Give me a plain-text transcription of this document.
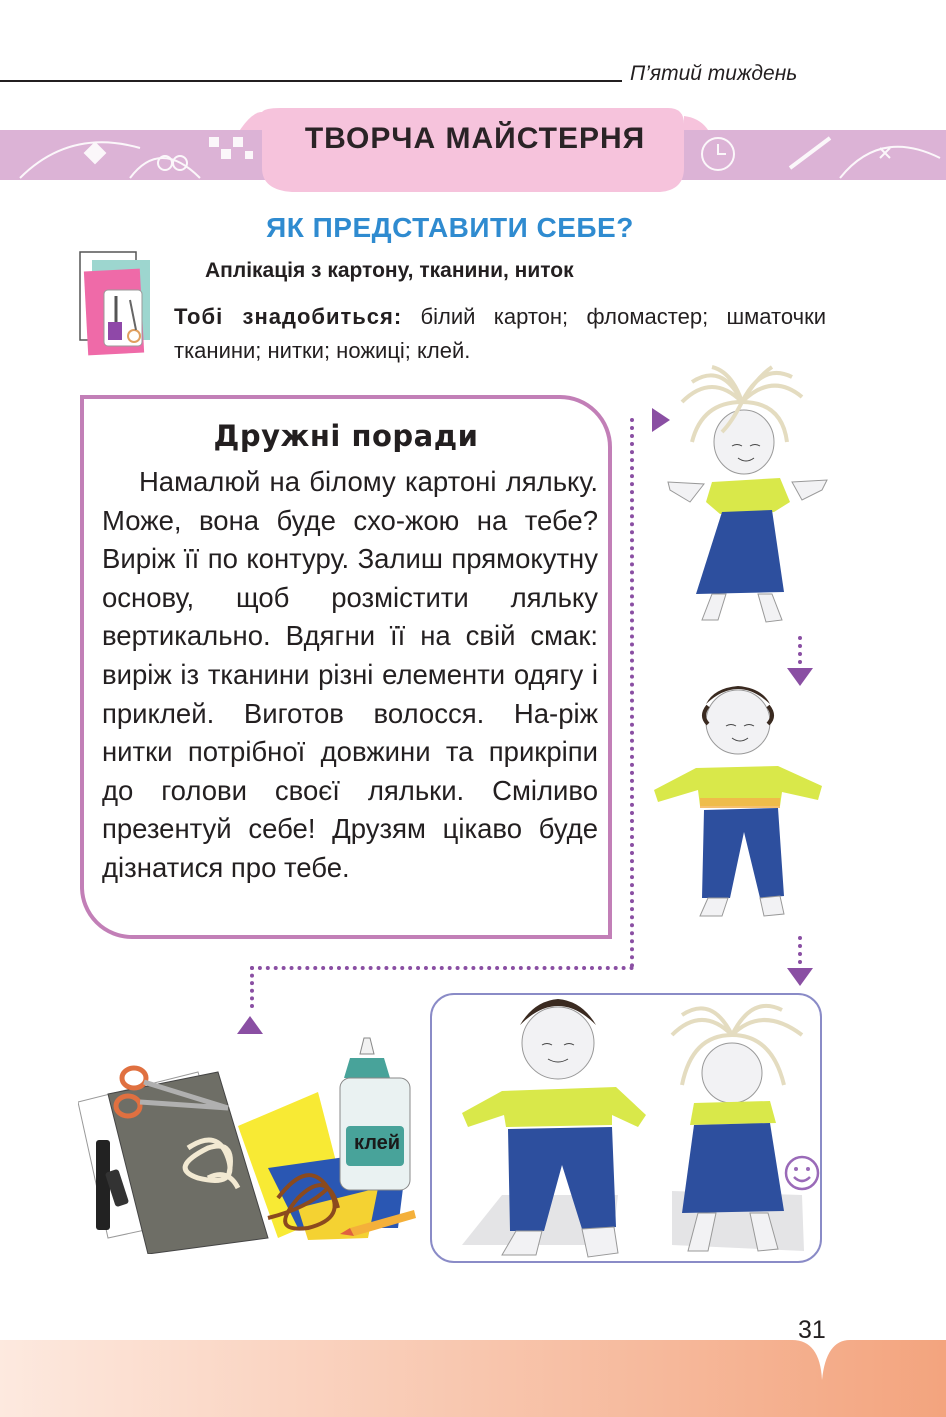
П’ятий тиждень
ТВОРЧА МАЙСТЕРНЯ
ЯК ПРЕДСТАВИТИ СЕБЕ?
Аплікація з картону, тканини, ниток
Тобі знадобиться: білий картон; фломастер; шматочки тканини; нитки; ножиці; клей.
Дружні поради
Намалюй на білому картоні ляльку. Може, вона буде схо-жою на тебе? Виріж її по контуру. Залиш прямокутну основу, щоб розмістити ляльку вертикально. Вдягни її на свій смак: виріж із тканини різні елементи одягу і приклей. Виготов волосся. На-ріж нитки потрібної довжини та прикріпи до голови своєї ляльки. Сміливо презентуй себе! Друзям цікаво буде дізнатися про тебе.
клей
31
